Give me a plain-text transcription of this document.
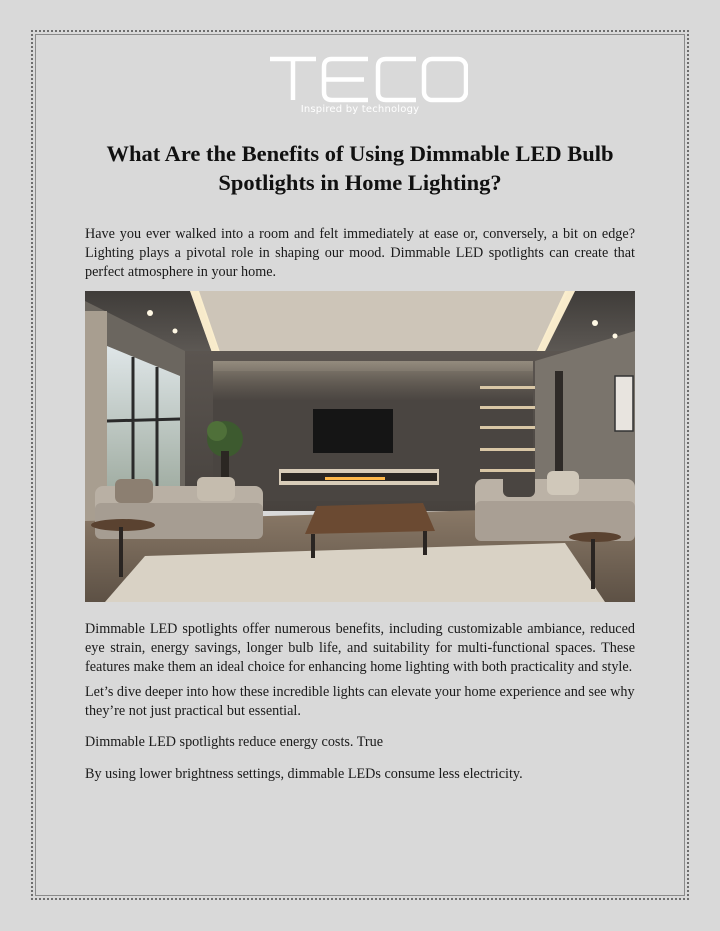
Inspired by technology
What Are the Benefits of Using Dimmable LED Bulb
Spotlights in Home Lighting?

Have you ever walked into a room and felt immediately at ease or, conversely, a bit on edge? Lighting plays a pivotal role in shaping our mood. Dimmable LED spotlights can create that perfect atmosphere in your home.

Dimmable LED spotlights offer numerous benefits, including customizable ambiance, reduced eye strain, energy savings, longer bulb life, and suitability for multi-functional spaces. These features make them an ideal choice for enhancing home lighting with both practicality and style.

Let’s dive deeper into how these incredible lights can elevate your home experience and see why they’re not just practical but essential.

Dimmable LED spotlights reduce energy costs. True

By using lower brightness settings, dimmable LEDs consume less electricity.
